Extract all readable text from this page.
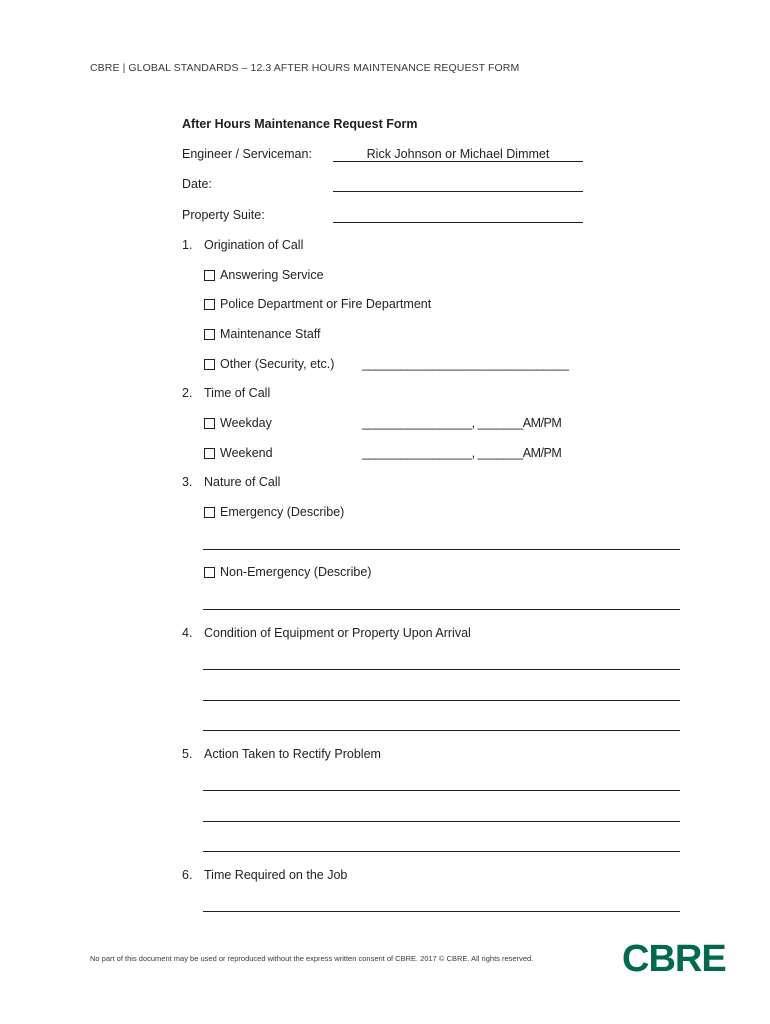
CBRE | GLOBAL STANDARDS – 12.3 AFTER HOURS MAINTENANCE REQUEST FORM
After Hours Maintenance Request Form
Engineer / Serviceman:	Rick Johnson or Michael Dimmet
Date:
Property Suite:
1. Origination of Call
Answering Service
Police Department or Fire Department
Maintenance Staff
Other (Security, etc.) ________________________________
2. Time of Call
Weekday	_________________, _______AM/PM
Weekend	_________________, _______AM/PM
3. Nature of Call
Emergency (Describe)
Non-Emergency (Describe)
4. Condition of Equipment or Property Upon Arrival
5. Action Taken to Rectify Problem
6. Time Required on the Job
No part of this document may be used or reproduced without the express written consent of CBRE. 2017 © CBRE. All rights reserved. CBRE
